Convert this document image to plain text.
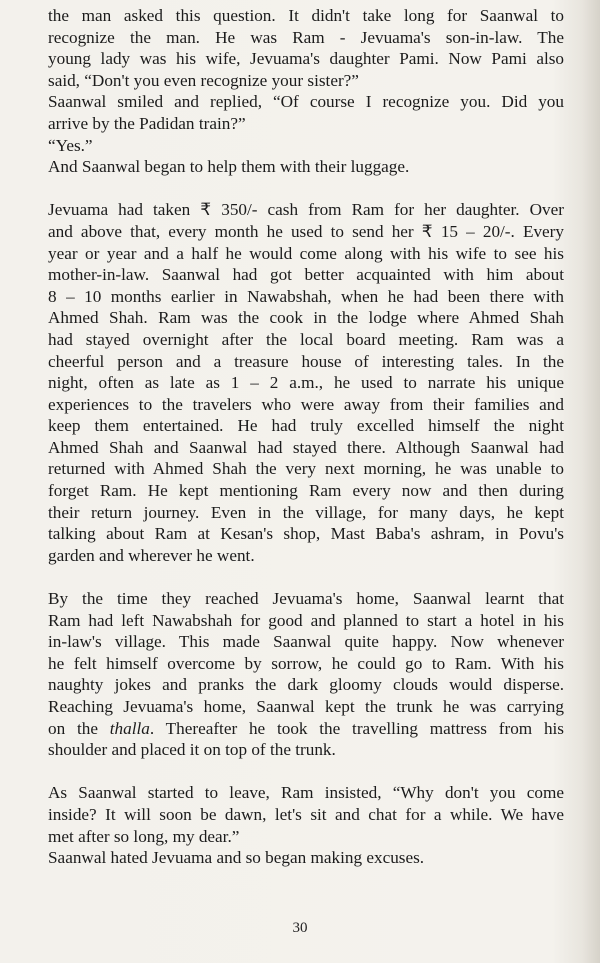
the man asked this question. It didn't take long for Saanwal to
recognize the man. He was Ram - Jevuama's son-in-law. The
young lady was his wife, Jevuama's daughter Pami. Now Pami also
said, “Don't you even recognize your sister?”

Saanwal smiled and replied, “Of course I recognize you. Did you
arrive by the Padidan train?”

“Yes.”

And Saanwal began to help them with their luggage.

Jevuama had taken ₹ 350/- cash from Ram for her daughter. Over
and above that, every month he used to send her ₹ 15 – 20/-. Every
year or year and a half he would come along with his wife to see his
mother-in-law. Saanwal had got better acquainted with him about
8 – 10 months earlier in Nawabshah, when he had been there with
Ahmed Shah. Ram was the cook in the lodge where Ahmed Shah
had stayed overnight after the local board meeting. Ram was a
cheerful person and a treasure house of interesting tales. In the
night, often as late as 1 – 2 a.m., he used to narrate his unique
experiences to the travelers who were away from their families and
keep them entertained. He had truly excelled himself the night
Ahmed Shah and Saanwal had stayed there. Although Saanwal had
returned with Ahmed Shah the very next morning, he was unable to
forget Ram. He kept mentioning Ram every now and then during
their return journey. Even in the village, for many days, he kept
talking about Ram at Kesan's shop, Mast Baba's ashram, in Povu's
garden and wherever he went.

By the time they reached Jevuama's home, Saanwal learnt that
Ram had left Nawabshah for good and planned to start a hotel in his
in-law's village. This made Saanwal quite happy. Now whenever
he felt himself overcome by sorrow, he could go to Ram. With his
naughty jokes and pranks the dark gloomy clouds would disperse.
Reaching Jevuama's home, Saanwal kept the trunk he was carrying
on the thalla. Thereafter he took the travelling mattress from his
shoulder and placed it on top of the trunk.

As Saanwal started to leave, Ram insisted, “Why don't you come
inside? It will soon be dawn, let's sit and chat for a while. We have
met after so long, my dear.”

Saanwal hated Jevuama and so began making excuses.

30
